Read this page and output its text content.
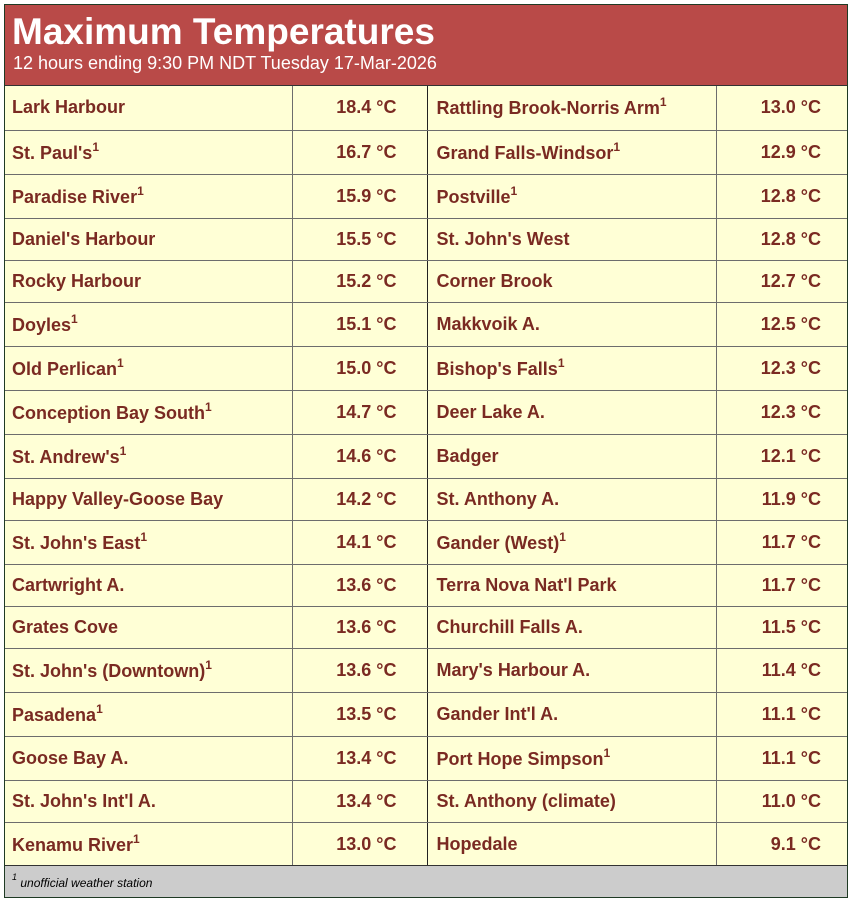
Maximum Temperatures
12 hours ending 9:30 PM NDT Tuesday 17-Mar-2026
Lark Harbour	18.4 °C	Rattling Brook-Norris Arm$^1$	13.0 °C
St. $Paul's^1$	16.7 °C	Grand Falls-Windsor$^1$	12.9 °C
Paradise River$^1$	15.9 °C	Postville$^1$	12.8 °C
Daniel's Harbour	15.5 °C	St. John's West	12.8 °C
Rocky Harbour	15.2 °C	Corner Brook	12.7 °C
Doyles$^1$	15.1 °C	Makkvoik A.	12.5 °C
Old Perlican$^1$	15.0 °C	Bishop's Falls$^1$	12.3 °C
Conception Bay South$^1$	14.7 °C	Deer Lake A.	12.3 °C
St. $Andrew's^1$	14.6 °C	Badger	12.1 °C
Happy Valley-Goose Bay	14.2 °C	St. Anthony A.	11.9 °C
St. John's East$^1$	14.1 °C	Gander (West)$^1$	11.7 °C
Cartwright A.	13.6 °C	Terra Nova Nat'l Park	11.7 °C
Grates Cove	13.6 °C	Churchill Falls A.	11.5 °C
St. John's (Downtown)$^1$	13.6 °C	Mary's Harbour A.	11.4 °C
Pasadena$^1$	13.5 °C	Gander Int'l A.	11.1 °C
Goose Bay A.	13.4 °C	Port Hope Simpson$^1$	11.1 °C
St. John's Int'l A.	13.4 °C	St. Anthony (climate)	11.0 °C
Kenamu River$^1$	13.0 °C	Hopedale	9.1 °C
$^1$ unofficial weather station
